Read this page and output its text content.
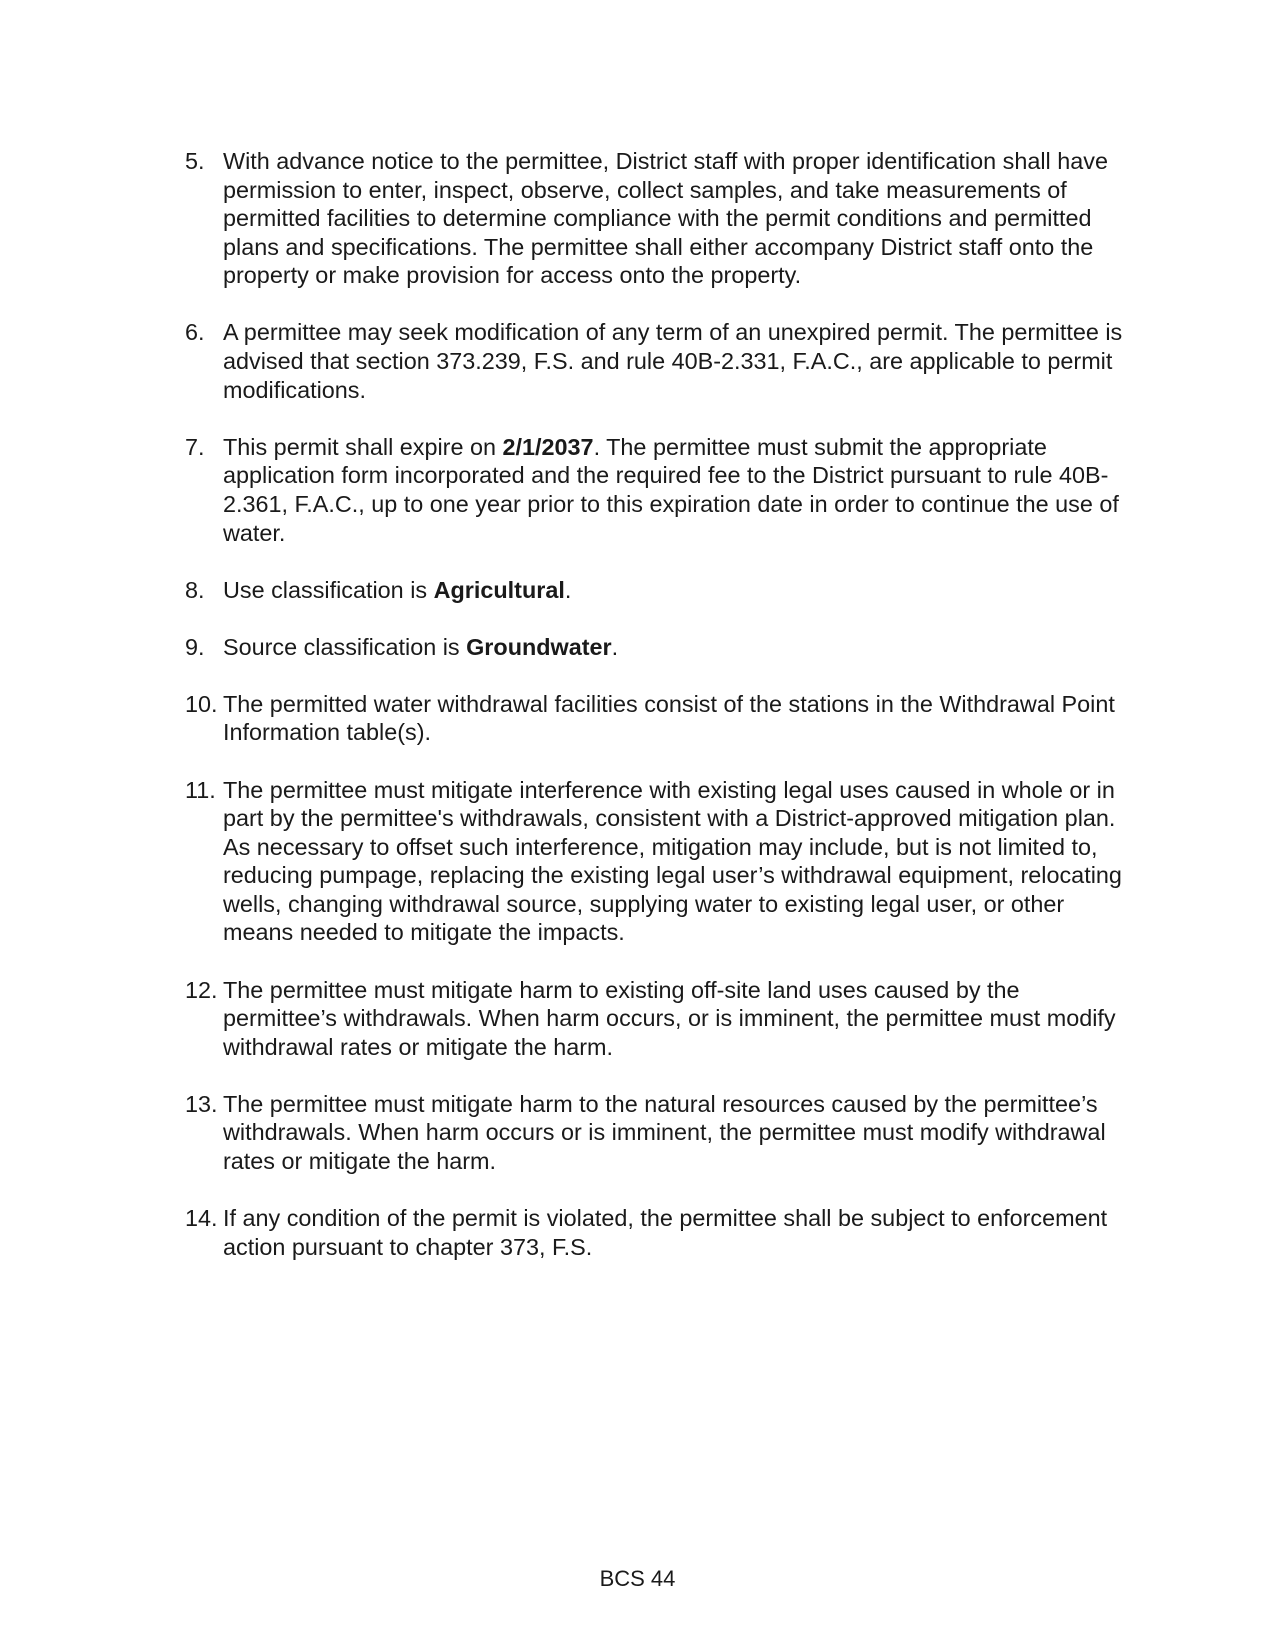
5. With advance notice to the permittee, District staff with proper identification shall have permission to enter, inspect, observe, collect samples, and take measurements of permitted facilities to determine compliance with the permit conditions and permitted plans and specifications. The permittee shall either accompany District staff onto the property or make provision for access onto the property.
6. A permittee may seek modification of any term of an unexpired permit. The permittee is advised that section 373.239, F.S. and rule 40B-2.331, F.A.C., are applicable to permit modifications.
7. This permit shall expire on 2/1/2037. The permittee must submit the appropriate application form incorporated and the required fee to the District pursuant to rule 40B-2.361, F.A.C., up to one year prior to this expiration date in order to continue the use of water.
8. Use classification is Agricultural.
9. Source classification is Groundwater.
10. The permitted water withdrawal facilities consist of the stations in the Withdrawal Point Information table(s).
11. The permittee must mitigate interference with existing legal uses caused in whole or in part by the permittee's withdrawals, consistent with a District-approved mitigation plan. As necessary to offset such interference, mitigation may include, but is not limited to, reducing pumpage, replacing the existing legal user’s withdrawal equipment, relocating wells, changing withdrawal source, supplying water to existing legal user, or other means needed to mitigate the impacts.
12. The permittee must mitigate harm to existing off-site land uses caused by the permittee’s withdrawals. When harm occurs, or is imminent, the permittee must modify withdrawal rates or mitigate the harm.
13. The permittee must mitigate harm to the natural resources caused by the permittee’s withdrawals. When harm occurs or is imminent, the permittee must modify withdrawal rates or mitigate the harm.
14. If any condition of the permit is violated, the permittee shall be subject to enforcement action pursuant to chapter 373, F.S.
BCS 44
